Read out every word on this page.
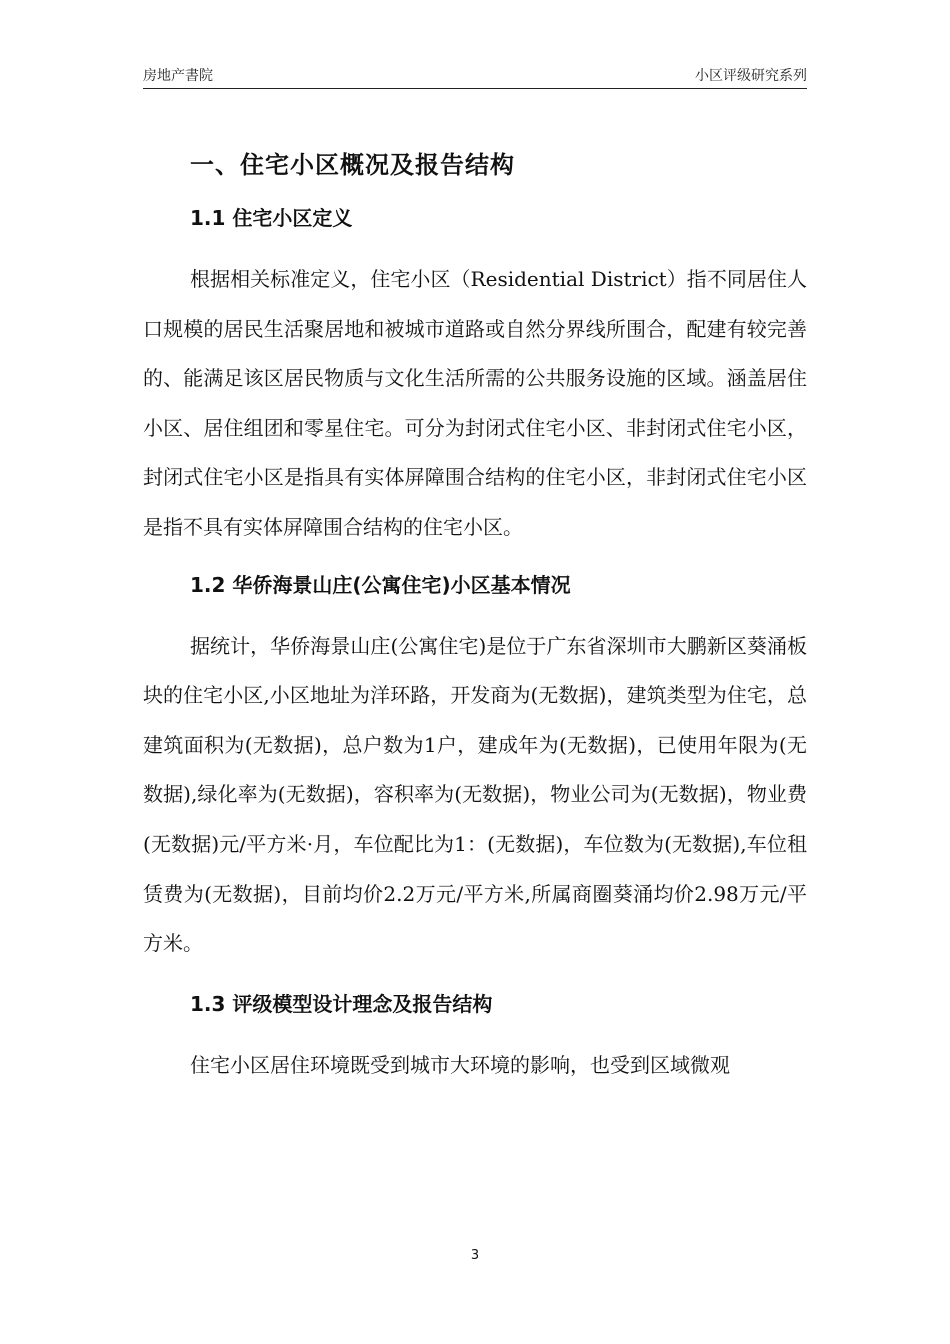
房地产書院	小区评级研究系列
一、住宅小区概况及报告结构
1.1 住宅小区定义

根据相关标准定义，住宅小区（Residential District）指不同居住人口规模的居民生活聚居地和被城市道路或自然分界线所围合，配建有较完善的、能满足该区居民物质与文化生活所需的公共服务设施的区域。涵盖居住小区、居住组团和零星住宅。可分为封闭式住宅小区、非封闭式住宅小区，封闭式住宅小区是指具有实体屏障围合结构的住宅小区，非封闭式住宅小区是指不具有实体屏障围合结构的住宅小区。

1.2 华侨海景山庄(公寓住宅)小区基本情况

据统计，华侨海景山庄(公寓住宅)是位于广东省深圳市大鹏新区葵涌板块的住宅小区,小区地址为洋环路，开发商为(无数据)，建筑类型为住宅，总建筑面积为(无数据)，总户数为1户，建成年为(无数据)，已使用年限为(无数据),绿化率为(无数据)，容积率为(无数据)，物业公司为(无数据)，物业费(无数据)元/平方米·月，车位配比为1：(无数据)，车位数为(无数据),车位租赁费为(无数据)，目前均价2.2万元/平方米,所属商圈葵涌均价2.98万元/平方米。

1.3 评级模型设计理念及报告结构

住宅小区居住环境既受到城市大环境的影响，也受到区域微观

3
